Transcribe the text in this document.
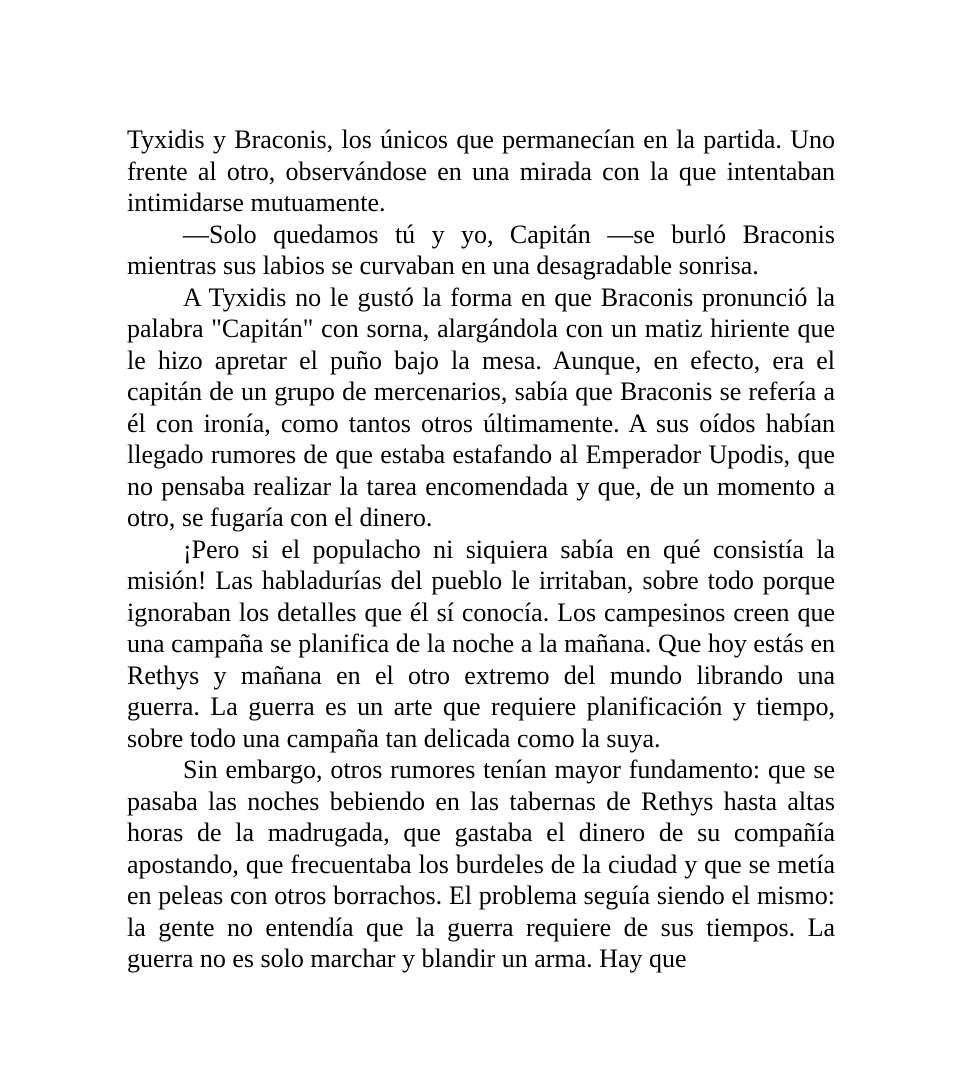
Tyxidis y Braconis, los únicos que permanecían en la partida. Uno frente al otro, observándose en una mirada con la que intentaban intimidarse mutuamente.

—Solo quedamos tú y yo, Capitán —se burló Braconis mientras sus labios se curvaban en una desagradable sonrisa.

A Tyxidis no le gustó la forma en que Braconis pronunció la palabra "Capitán" con sorna, alargándola con un matiz hiriente que le hizo apretar el puño bajo la mesa. Aunque, en efecto, era el capitán de un grupo de mercenarios, sabía que Braconis se refería a él con ironía, como tantos otros últimamente. A sus oídos habían llegado rumores de que estaba estafando al Emperador Upodis, que no pensaba realizar la tarea encomendada y que, de un momento a otro, se fugaría con el dinero.

¡Pero si el populacho ni siquiera sabía en qué consistía la misión! Las habladurías del pueblo le irritaban, sobre todo porque ignoraban los detalles que él sí conocía. Los campesinos creen que una campaña se planifica de la noche a la mañana. Que hoy estás en Rethys y mañana en el otro extremo del mundo librando una guerra. La guerra es un arte que requiere planificación y tiempo, sobre todo una campaña tan delicada como la suya.

Sin embargo, otros rumores tenían mayor fundamento: que se pasaba las noches bebiendo en las tabernas de Rethys hasta altas horas de la madrugada, que gastaba el dinero de su compañía apostando, que frecuentaba los burdeles de la ciudad y que se metía en peleas con otros borrachos. El problema seguía siendo el mismo: la gente no entendía que la guerra requiere de sus tiempos. La guerra no es solo marchar y blandir un arma. Hay que
